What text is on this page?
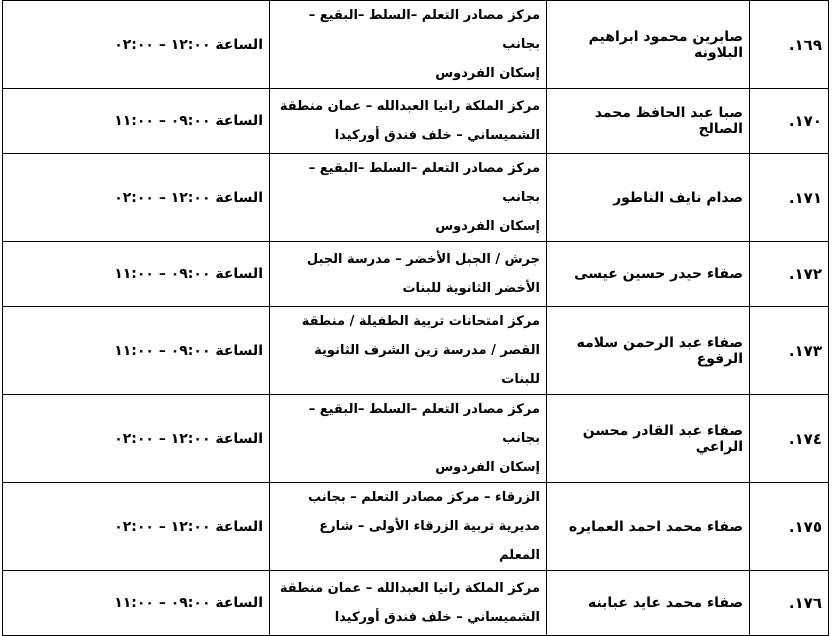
١٦٩.	صابرين محمود ابراهيم البلاونه	مركز مصادر التعلم –السلط –البقيع –بجانب
إسكان الفردوس	الساعة ١٢:٠٠ – ٠٢:٠٠
١٧٠.	صبا عبد الحافظ محمد الصالح	مركز الملكة رانيا العبدالله – عمان منطقة
الشميساني – خلف فندق أوركيدا	الساعة ٠٩:٠٠ – ١١:٠٠
١٧١.	صدام نايف الناطور	مركز مصادر التعلم –السلط –البقيع –بجانب
إسكان الفردوس	الساعة ١٢:٠٠ – ٠٢:٠٠
١٧٢.	صفاء حيدر حسين عيسى	جرش / الجبل الأخضر – مدرسة الجبل
الأخضر الثانوية للبنات	الساعة ٠٩:٠٠ – ١١:٠٠
١٧٣.	صفاء عبد الرحمن سلامه الرفوع	مركز امتحانات تربية الطفيلة / منطقة
القصر / مدرسة زين الشرف الثانوية للبنات	الساعة ٠٩:٠٠ – ١١:٠٠
١٧٤.	صفاء عبد القادر محسن الراعي	مركز مصادر التعلم –السلط –البقيع –بجانب
إسكان الفردوس	الساعة ١٢:٠٠ – ٠٢:٠٠
١٧٥.	صفاء محمد احمد العمايره	الزرقاء – مركز مصادر التعلم – بجانب
مديرية تربية الزرقاء الأولى – شارع المعلم	الساعة ١٢:٠٠ – ٠٢:٠٠
١٧٦.	صفاء محمد عايد عبابنه	مركز الملكة رانيا العبدالله – عمان منطقة
الشميساني – خلف فندق أوركيدا	الساعة ٠٩:٠٠ – ١١:٠٠
